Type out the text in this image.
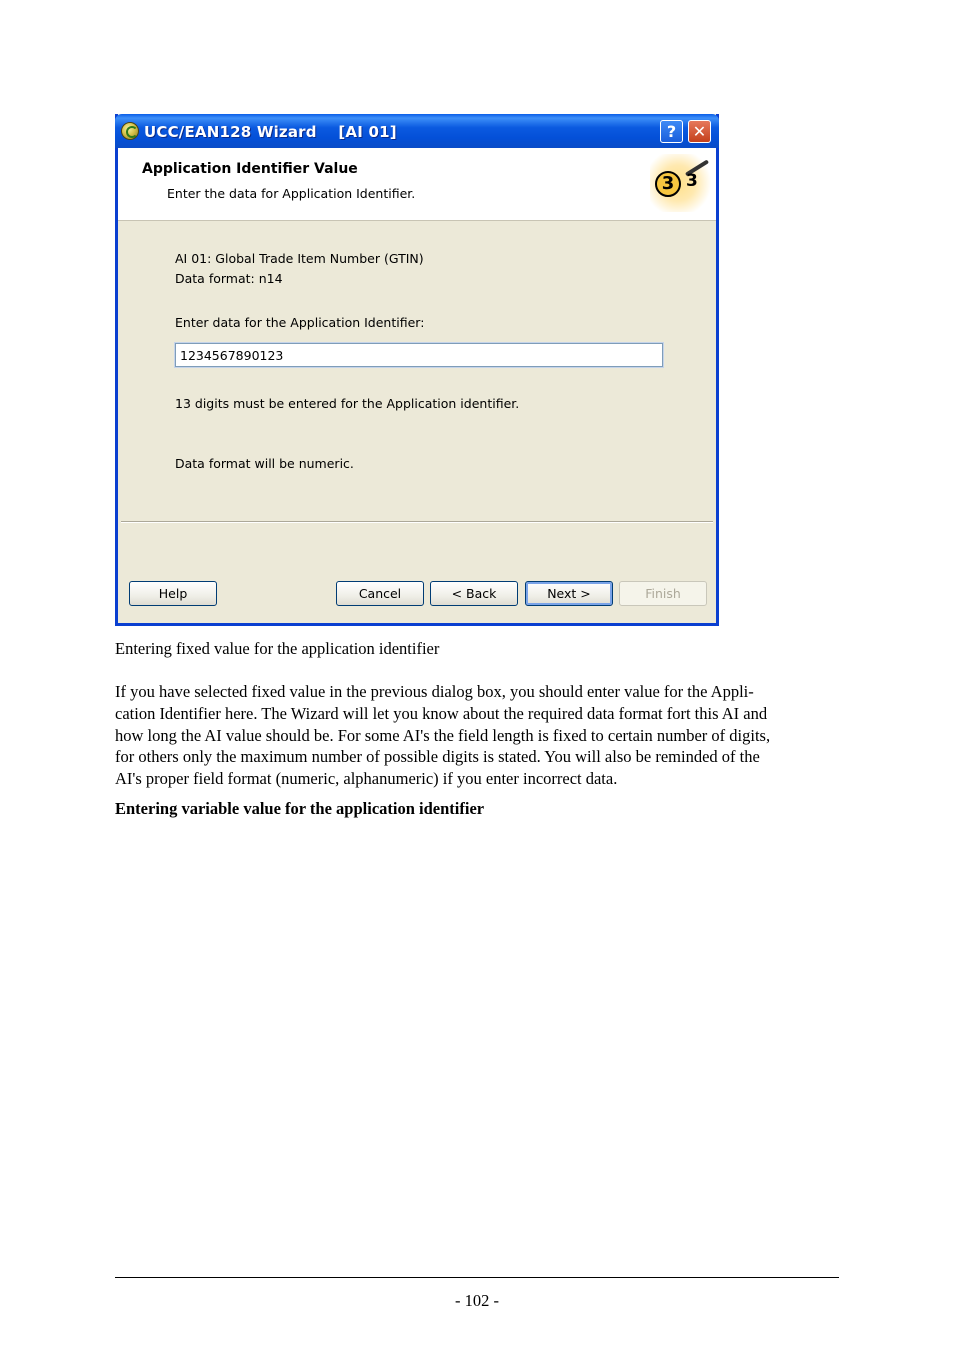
UCC/EAN128 Wizard    [AI 01]	?	✕
Application Identifier Value
Enter the data for Application Identifier.	3 3
AI 01: Global Trade Item Number (GTIN)
Data format: n14
Enter data for the Application Identifier:
1234567890123
13 digits must be entered for the Application identifier.
Data format will be numeric.
Help	Cancel	< Back	Next >	Finish
Entering fixed value for the application identifier
If you have selected fixed value in the previous dialog box, you should enter value for the Appli-
cation Identifier here. The Wizard will let you know about the required data format fort this AI and
how long the AI value should be. For some AI's the field length is fixed to certain number of digits,
for others only the maximum number of possible digits is stated. You will also be reminded of the
AI's proper field format (numeric, alphanumeric) if you enter incorrect data.
Entering variable value for the application identifier
- 102 -
